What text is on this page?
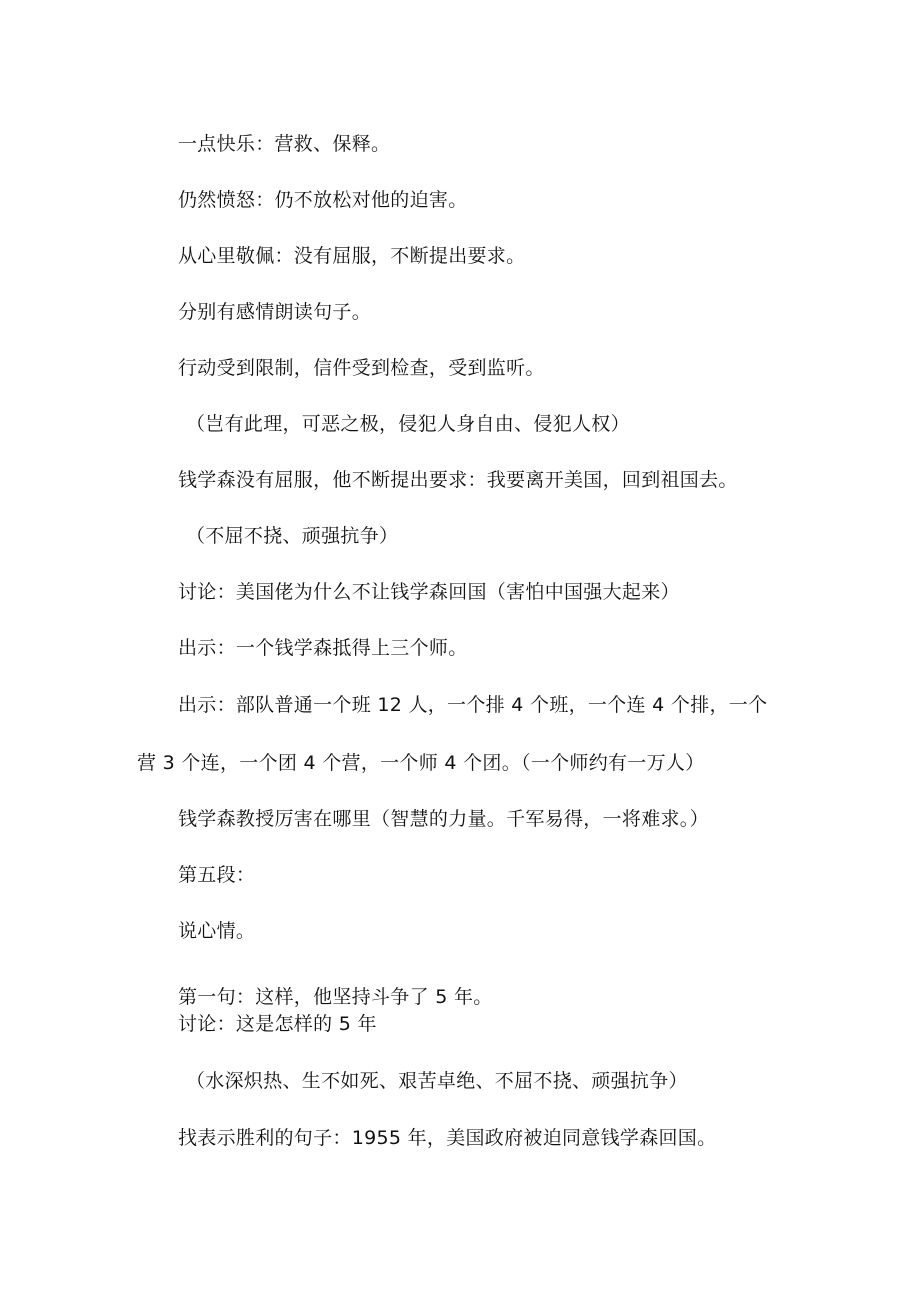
一点快乐：营救、保释。
仍然愤怒：仍不放松对他的迫害。
从心里敬佩：没有屈服，不断提出要求。
分别有感情朗读句子。
行动受到限制，信件受到检查，受到监听。
（岂有此理，可恶之极，侵犯人身自由、侵犯人权）
钱学森没有屈服，他不断提出要求：我要离开美国，回到祖国去。
（不屈不挠、顽强抗争）
讨论：美国佬为什么不让钱学森回国（害怕中国强大起来）
出示：一个钱学森抵得上三个师。
出示：部队普通一个班 12 人，一个排 4 个班，一个连 4 个排，一个
营 3 个连，一个团 4 个营，一个师 4 个团。（一个师约有一万人）
钱学森教授厉害在哪里（智慧的力量。千军易得，一将难求。）
第五段：
说心情。
第一句：这样，他坚持斗争了 5 年。
讨论：这是怎样的 5 年
（水深炽热、生不如死、艰苦卓绝、不屈不挠、顽强抗争）
找表示胜利的句子：1955 年，美国政府被迫同意钱学森回国。
